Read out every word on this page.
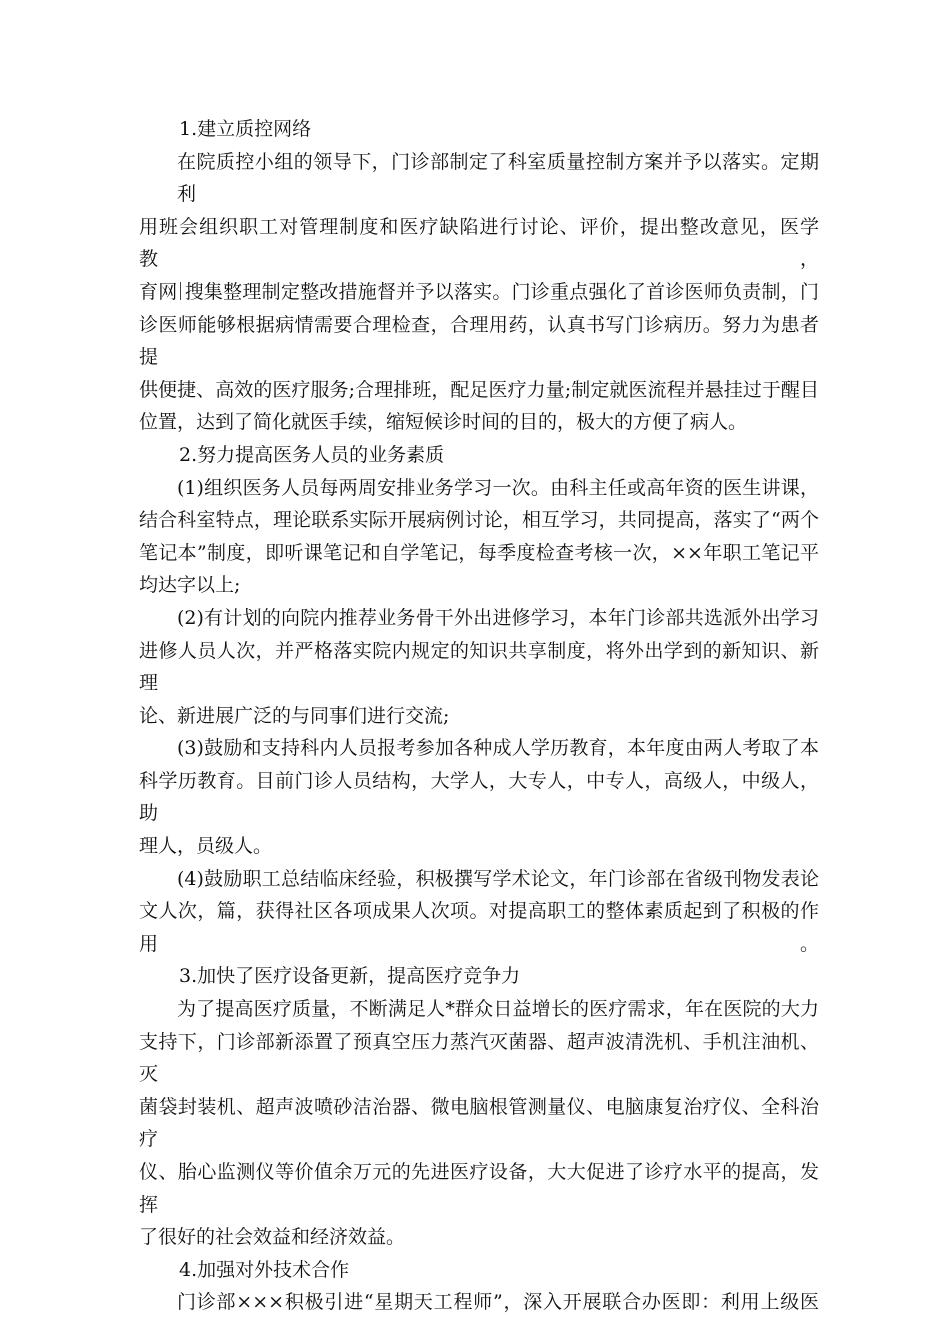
1.建立质控网络

在院质控小组的领导下，门诊部制定了科室质量控制方案并予以落实。定期利

用班会组织职工对管理制度和医疗缺陷进行讨论、评价，提出整改意见，医学教，

育网 搜集整理制定整改措施督并予以落实。门诊重点强化了首诊医师负责制，门

诊医师能够根据病情需要合理检查，合理用药，认真书写门诊病历。努力为患者提

供便捷、高效的医疗服务;合理排班，配足医疗力量;制定就医流程并悬挂过于醒目

位置，达到了简化就医手续，缩短候诊时间的目的，极大的方便了病人。

2.努力提高医务人员的业务素质

(1)组织医务人员每两周安排业务学习一次。由科主任或高年资的医生讲课，

结合科室特点，理论联系实际开展病例讨论，相互学习，共同提高，落实了“两个

笔记本”制度，即听课笔记和自学笔记，每季度检查考核一次，××年职工笔记平

均达字以上;

(2)有计划的向院内推荐业务骨干外出进修学习，本年门诊部共选派外出学习

进修人员人次，并严格落实院内规定的知识共享制度，将外出学到的新知识、新理

论、新进展广泛的与同事们进行交流;

(3)鼓励和支持科内人员报考参加各种成人学历教育，本年度由两人考取了本

科学历教育。目前门诊人员结构，大学人，大专人，中专人，高级人，中级人，助

理人，员级人。

(4)鼓励职工总结临床经验，积极撰写学术论文，年门诊部在省级刊物发表论

文人次，篇，获得社区各项成果人次项。对提高职工的整体素质起到了积极的作用。

3.加快了医疗设备更新，提高医疗竞争力

为了提高医疗质量，不断满足人*群众日益增长的医疗需求，年在医院的大力

支持下，门诊部新添置了预真空压力蒸汽灭菌器、超声波清洗机、手机注油机、灭

菌袋封装机、超声波喷砂洁治器、微电脑根管测量仪、电脑康复治疗仪、全科治疗

仪、胎心监测仪等价值余万元的先进医疗设备，大大促进了诊疗水平的提高，发挥

了很好的社会效益和经济效益。

4.加强对外技术合作

门诊部×××积极引进“星期天工程师”，深入开展联合办医即：利用上级医
